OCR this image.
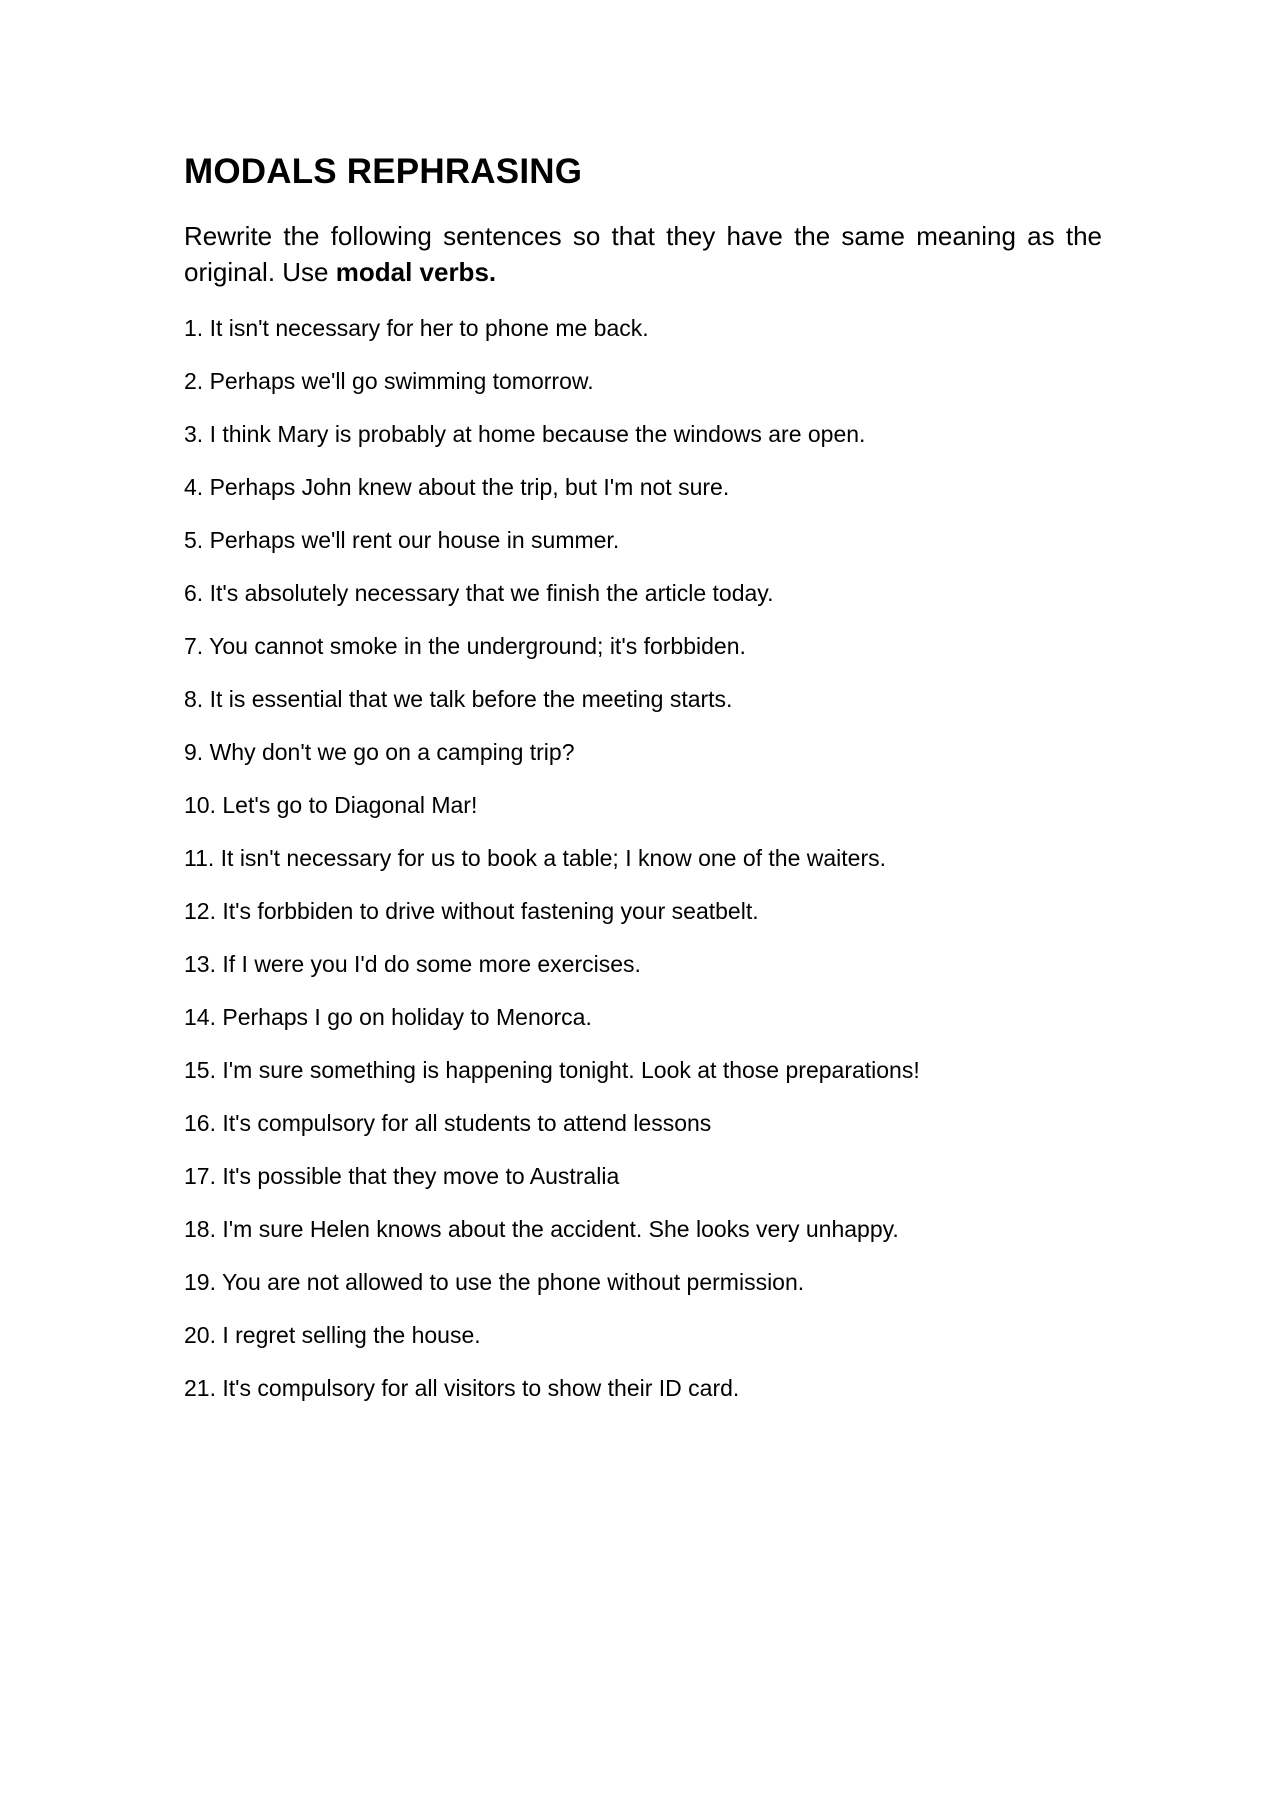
MODALS REPHRASING

Rewrite the following sentences so that they have the same meaning as the original. Use modal verbs.

1. It isn't necessary for her to phone me back.
2. Perhaps we'll go swimming tomorrow.
3. I think Mary is probably at home because the windows are open.
4. Perhaps John knew about the trip, but I'm not sure.
5. Perhaps we'll rent our house in summer.
6. It's absolutely necessary that we finish the article today.
7. You cannot smoke in the underground; it's forbbiden.
8. It is essential that we talk before the meeting starts.
9. Why don't we go on a camping trip?
10. Let's go to Diagonal Mar!
11. It isn't necessary for us to book a table; I know one of the waiters.
12. It's forbbiden to drive without fastening your seatbelt.
13. If I were you I'd do some more exercises.
14. Perhaps I go on holiday to Menorca.
15. I'm sure something is happening tonight. Look at those preparations!
16. It's compulsory for all students to attend lessons
17. It's possible that they move to Australia
18. I'm sure Helen knows about the accident. She looks very unhappy.
19. You are not allowed to use the phone without permission.
20. I regret selling the house.
21. It's compulsory for all visitors to show their ID card.
